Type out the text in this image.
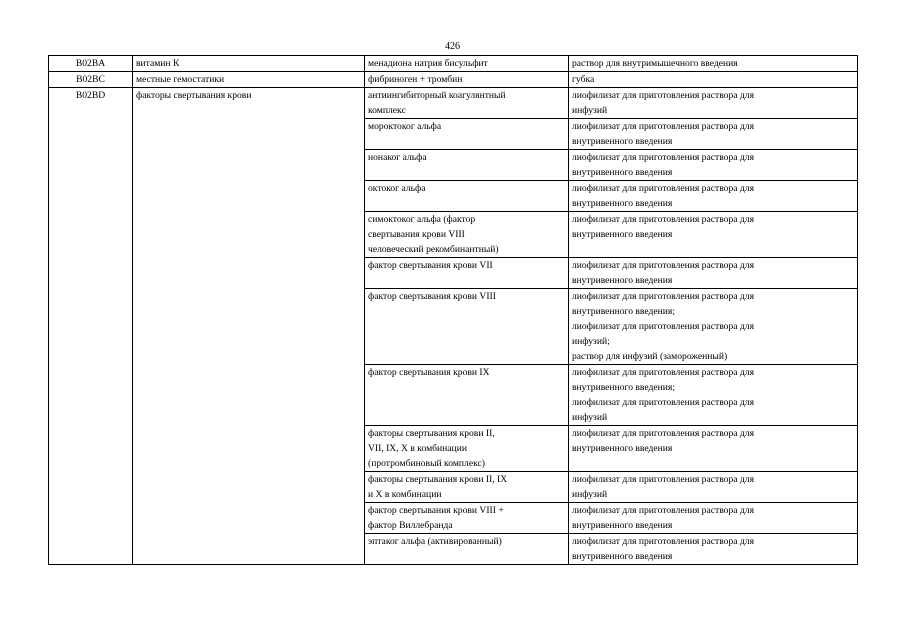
426
B02BA	витамин К	менадиона натрия бисульфит	раствор для внутримышечного введения

B02BC	местные гемостатики	фибриноген + тромбин	губка

B02BD	факторы свертывания крови	антиингибиторный коагулянтный
комплекс	лиофилизат для приготовления раствора для
инфузий

		мороктоког альфа	лиофилизат для приготовления раствора для
внутривенного введения

		нонаког альфа	лиофилизат для приготовления раствора для
внутривенного введения

		октоког альфа	лиофилизат для приготовления раствора для
внутривенного введения

		симоктоког альфа (фактор
свертывания крови VIII
человеческий рекомбинантный)	лиофилизат для приготовления раствора для
внутривенного введения

		фактор свертывания крови VII	лиофилизат для приготовления раствора для
внутривенного введения

		фактор свертывания крови VIII	лиофилизат для приготовления раствора для
внутривенного введения;
лиофилизат для приготовления раствора для
инфузий;
раствор для инфузий (замороженный)

		фактор свертывания крови IX	лиофилизат для приготовления раствора для
внутривенного введения;
лиофилизат для приготовления раствора для
инфузий

		факторы свертывания крови II,
VII, IX, X в комбинации
(протромбиновый комплекс)	лиофилизат для приготовления раствора для
внутривенного введения

		факторы свертывания крови II, IX
и X в комбинации	лиофилизат для приготовления раствора для
инфузий

		фактор свертывания крови VIII +
фактор Виллебранда	лиофилизат для приготовления раствора для
внутривенного введения

		эптаког альфа (активированный)	лиофилизат для приготовления раствора для
внутривенного введения
